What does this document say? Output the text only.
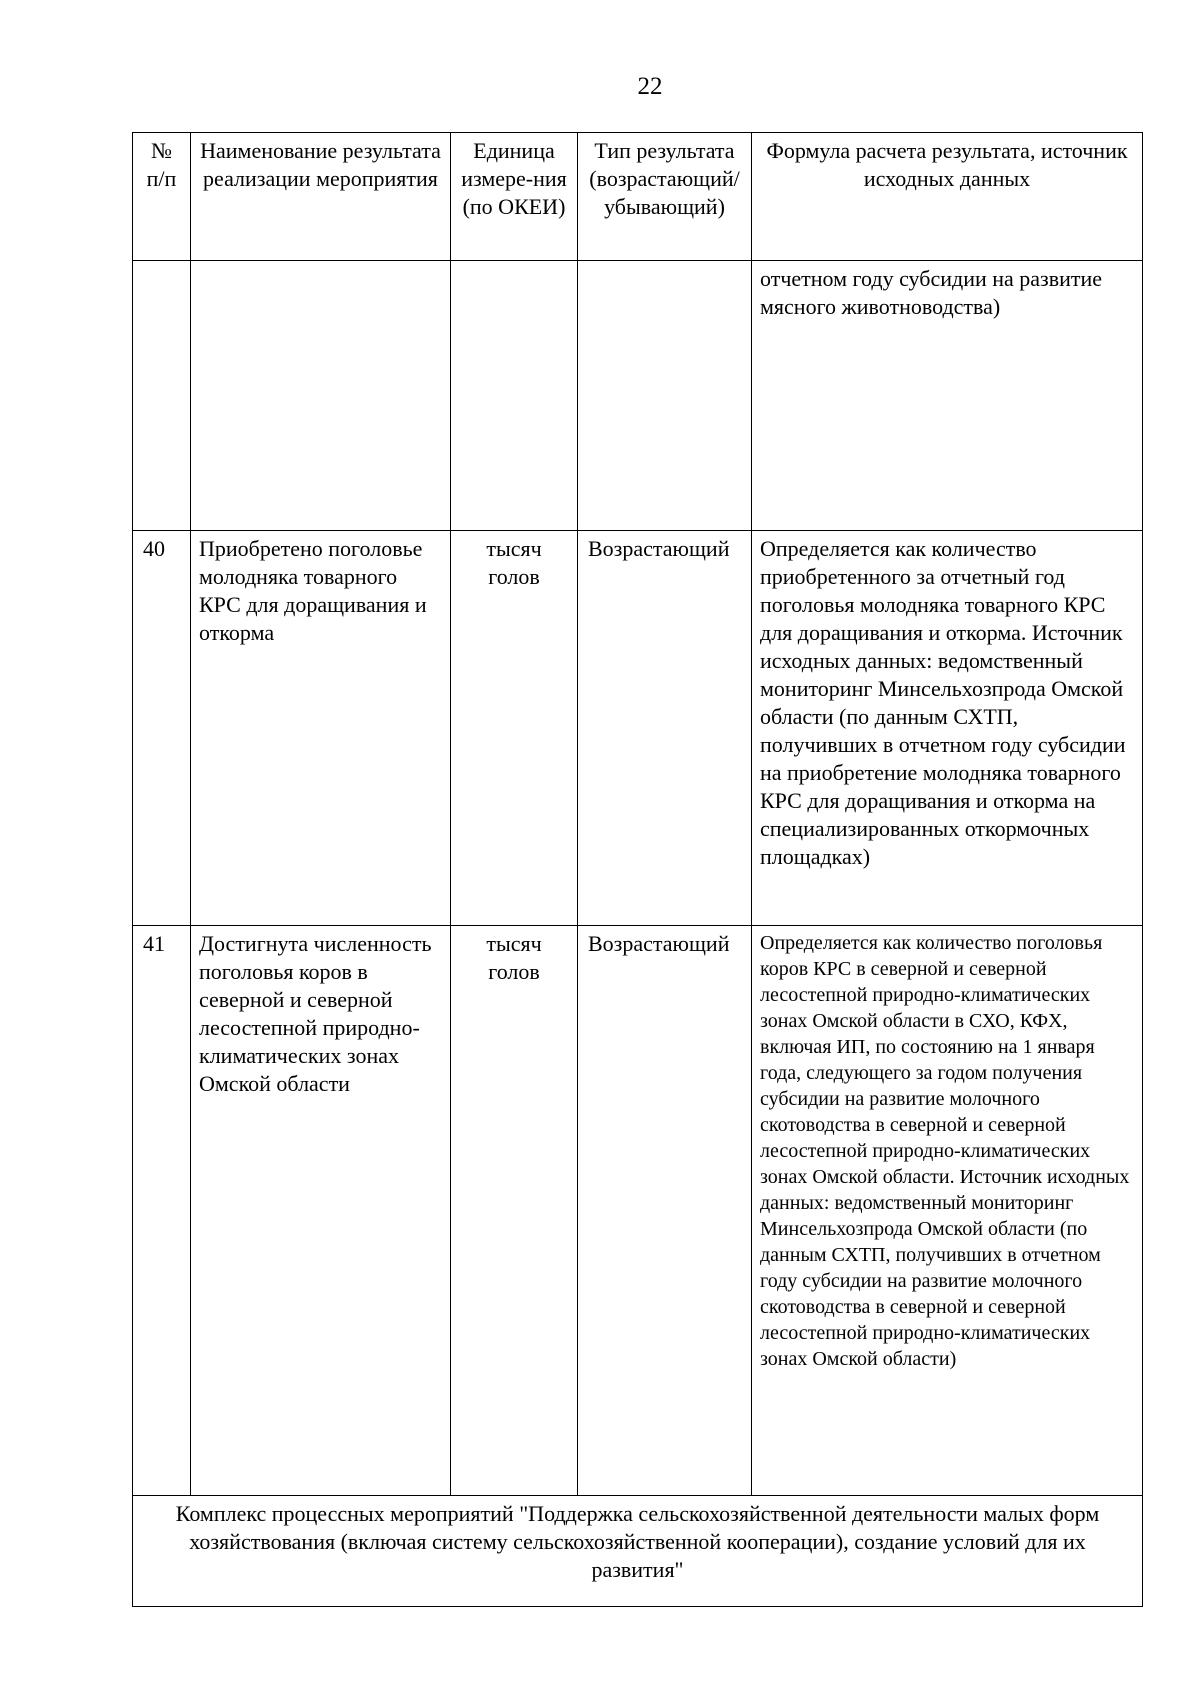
22
№ п/п	Наименование результата реализации мероприятия	Единица измере-ния (по ОКЕИ)	Тип результата (возрастающий/ убывающий)	Формула расчета результата, источник исходных данных
				отчетном году субсидии на развитие мясного животноводства)
40	Приобретено поголовье молодняка товарного КРС для доращивания и откорма	тысяч голов	Возрастающий	Определяется как количество приобретенного за отчетный год поголовья молодняка товарного КРС для доращивания и откорма. Источник исходных данных: ведомственный мониторинг Минсельхозпрода Омской области (по данным СХТП, получивших в отчетном году субсидии на приобретение молодняка товарного КРС для доращивания и откорма на специализированных откормочных площадках)
41	Достигнута численность поголовья коров в северной и северной лесостепной природно-климатических зонах Омской области	тысяч голов	Возрастающий	Определяется как количество поголовья коров КРС в северной и северной лесостепной природно-климатических зонах Омской области в СХО, КФХ, включая ИП, по состоянию на 1 января года, следующего за годом получения субсидии на развитие молочного скотоводства в северной и северной лесостепной природно-климатических зонах Омской области. Источник исходных данных: ведомственный мониторинг Минсельхозпрода Омской области (по данным СХТП, получивших в отчетном году субсидии на развитие молочного скотоводства в северной и северной лесостепной природно-климатических зонах Омской области)
Комплекс процессных мероприятий "Поддержка сельскохозяйственной деятельности малых форм хозяйствования (включая систему сельскохозяйственной кооперации), создание условий для их развития"				
